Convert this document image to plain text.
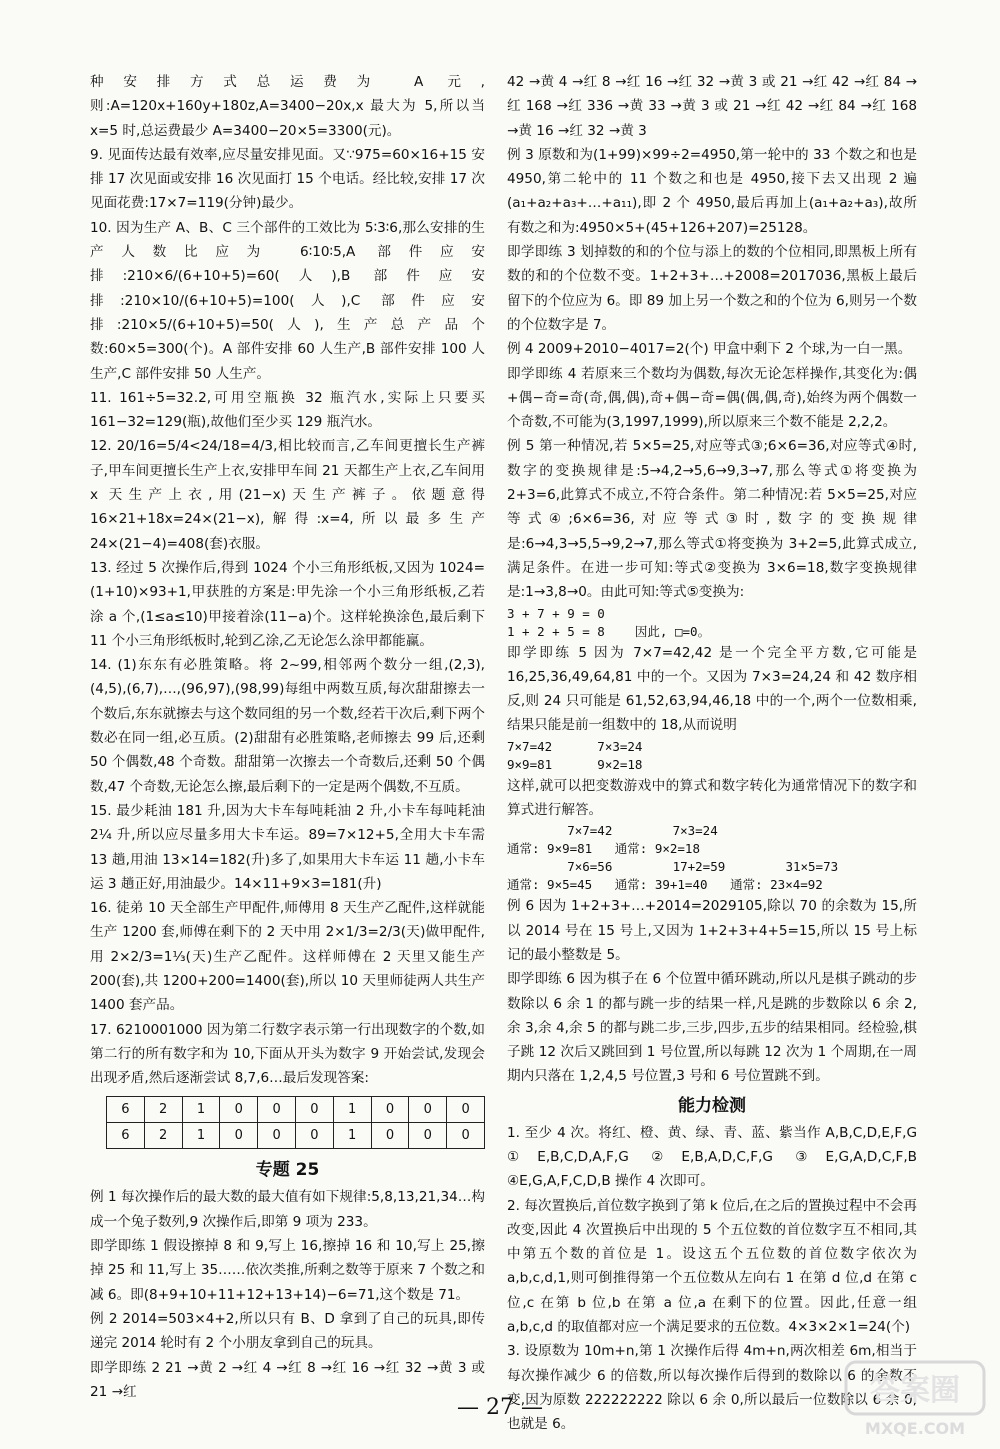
种安排方式总运费为 A 元,则:A=120x+160y+180z,A=3400−20x,x 最大为 5,所以当 x=5 时,总运费最少 A=3400−20×5=3300(元)。

9. 见面传达最有效率,应尽量安排见面。又∵975=60×16+15 安排 17 次见面或安排 16 次见面打 15 个电话。经比较,安排 17 次见面花费:17×7=119(分钟)最少。

10. 因为生产 A、B、C 三个部件的工效比为 5∶3∶6,那么安排的生产人数比应为 6∶10∶5,A 部件应安排:210×6/(6+10+5)=60(人),B 部件应安排:210×10/(6+10+5)=100(人),C 部件应安排:210×5/(6+10+5)=50(人),生产总产品个数:60×5=300(个)。A 部件安排 60 人生产,B 部件安排 100 人生产,C 部件安排 50 人生产。

11. 161÷5=32.2,可用空瓶换 32 瓶汽水,实际上只要买 161−32=129(瓶),故他们至少买 129 瓶汽水。

12. 20/16=5/4<24/18=4/3,相比较而言,乙车间更擅长生产裤子,甲车间更擅长生产上衣,安排甲车间 21 天都生产上衣,乙车间用 x 天生产上衣,用(21−x)天生产裤子。依题意得 16×21+18x=24×(21−x),解得:x=4,所以最多生产 24×(21−4)=408(套)衣服。

13. 经过 5 次操作后,得到 1024 个小三角形纸板,又因为 1024=(1+10)×93+1,甲获胜的方案是:甲先涂一个小三角形纸板,乙若涂 a 个,(1≤a≤10)甲接着涂(11−a)个。这样轮换涂色,最后剩下 11 个小三角形纸板时,轮到乙涂,乙无论怎么涂甲都能赢。

14. (1)东东有必胜策略。将 2~99,相邻两个数分一组,(2,3),(4,5),(6,7),…,(96,97),(98,99)每组中两数互质,每次甜甜擦去一个数后,东东就擦去与这个数同组的另一个数,经若干次后,剩下两个数必在同一组,必互质。(2)甜甜有必胜策略,老师擦去 99 后,还剩 50 个偶数,48 个奇数。甜甜第一次擦去一个奇数后,还剩 50 个偶数,47 个奇数,无论怎么擦,最后剩下的一定是两个偶数,不互质。

15. 最少耗油 181 升,因为大卡车每吨耗油 2 升,小卡车每吨耗油 2¼ 升,所以应尽量多用大卡车运。89=7×12+5,全用大卡车需 13 趟,用油 13×14=182(升)多了,如果用大卡车运 11 趟,小卡车运 3 趟正好,用油最少。14×11+9×3=181(升)

16. 徒弟 10 天全部生产甲配件,师傅用 8 天生产乙配件,这样就能生产 1200 套,师傅在剩下的 2 天中用 2×1/3=2/3(天)做甲配件,用 2×2/3=1⅓(天)生产乙配件。这样师傅在 2 天里又能生产 200(套),共 1200+200=1400(套),所以 10 天里师徒两人共生产 1400 套产品。

17. 6210001000 因为第二行数字表示第一行出现数字的个数,如第二行的所有数字和为 10,下面从开头为数字 9 开始尝试,发现会出现矛盾,然后逐渐尝试 8,7,6…最后发现答案:

6	2	1	0	0	0	1	0	0	0
6	2	1	0	0	0	1	0	0	0
专题 25

例 1 每次操作后的最大数的最大值有如下规律:5,8,13,21,34…构成一个兔子数列,9 次操作后,即第 9 项为 233。

即学即练 1 假设擦掉 8 和 9,写上 16,擦掉 16 和 10,写上 25,擦掉 25 和 11,写上 35……依次类推,所剩之数等于原来 7 个数之和减 6。即(8+9+10+11+12+13+14)−6=71,这个数是 71。

例 2 2014=503×4+2,所以只有 B、D 拿到了自己的玩具,即传递完 2014 轮时有 2 个小朋友拿到自己的玩具。

即学即练 2 21 →黄 2 →红 4 →红 8 →红 16 →红 32 →黄 3 或 21 →红

42 →黄 4 →红 8 →红 16 →红 32 →黄 3 或 21 →红 42 →红 84 →红 168 →红 336 →黄 33 →黄 3 或 21 →红 42 →红 84 →红 168 →黄 16 →红 32 →黄 3

例 3 原数和为(1+99)×99÷2=4950,第一轮中的 33 个数之和也是 4950,第二轮中的 11 个数之和也是 4950,接下去又出现 2 遍(a₁+a₂+a₃+…+a₁₁),即 2 个 4950,最后再加上(a₁+a₂+a₃),故所有数之和为:4950×5+(45+126+207)=25128。

即学即练 3 划掉数的和的个位与添上的数的个位相同,即黑板上所有数的和的个位数不变。1+2+3+…+2008=2017036,黑板上最后留下的个位应为 6。即 89 加上另一个数之和的个位为 6,则另一个数的个位数字是 7。

例 4 2009+2010−4017=2(个) 甲盒中剩下 2 个球,为一白一黑。

即学即练 4 若原来三个数均为偶数,每次无论怎样操作,其变化为:偶+偶−奇=奇(奇,偶,偶),奇+偶−奇=偶(偶,偶,奇),始终为两个偶数一个奇数,不可能为(3,1997,1999),所以原来三个数不能是 2,2,2。

例 5 第一种情况,若 5×5=25,对应等式③;6×6=36,对应等式④时,数字的变换规律是:5→4,2→5,6→9,3→7,那么等式①将变换为 2+3=6,此算式不成立,不符合条件。第二种情况:若 5×5=25,对应等式④;6×6=36,对应等式③时,数字的变换规律是:6→4,3→5,5→9,2→7,那么等式①将变换为 3+2=5,此算式成立,满足条件。在进一步可知:等式②变换为 3×6=18,数字变换规律是:1→3,8→0。由此可知:等式⑤变换为:

3 + 7 + 9 = 0

1 + 2 + 5 = 8    因此, □=0。

即学即练 5 因为 7×7=42,42 是一个完全平方数,它可能是 16,25,36,49,64,81 中的一个。又因为 7×3=24,24 和 42 数序相反,则 24 只可能是 61,52,63,94,46,18 中的一个,两个一位数相乘,结果只能是前一组数中的 18,从而说明

7×7=42      7×3=24
9×9=81      9×2=18

这样,就可以把变数游戏中的算式和数字转化为通常情况下的数字和算式进行解答。

7×7=42        7×3=24
通常: 9×9=81   通常: 9×2=18
7×6=56        17+2=59        31×5=73
通常: 9×5=45   通常: 39+1=40   通常: 23×4=92

例 6 因为 1+2+3+…+2014=2029105,除以 70 的余数为 15,所以 2014 号在 15 号上,又因为 1+2+3+4+5=15,所以 15 号上标记的最小整数是 5。

即学即练 6 因为棋子在 6 个位置中循环跳动,所以凡是棋子跳动的步数除以 6 余 1 的都与跳一步的结果一样,凡是跳的步数除以 6 余 2,余 3,余 4,余 5 的都与跳二步,三步,四步,五步的结果相同。经检验,棋子跳 12 次后又跳回到 1 号位置,所以每跳 12 次为 1 个周期,在一周期内只落在 1,2,4,5 号位置,3 号和 6 号位置跳不到。

能力检测

1. 至少 4 次。将红、橙、黄、绿、青、蓝、紫当作 A,B,C,D,E,F,G ①E,B,C,D,A,F,G ②E,B,A,D,C,F,G ③E,G,A,D,C,F,B ④E,G,A,F,C,D,B 操作 4 次即可。

2. 每次置换后,首位数字换到了第 k 位后,在之后的置换过程中不会再改变,因此 4 次置换后中出现的 5 个五位数的首位数字互不相同,其中第五个数的首位是 1。设这五个五位数的首位数字依次为 a,b,c,d,1,则可倒推得第一个五位数从左向右 1 在第 d 位,d 在第 c 位,c 在第 b 位,b 在第 a 位,a 在剩下的位置。因此,任意一组 a,b,c,d 的取值都对应一个满足要求的五位数。4×3×2×1=24(个)

3. 设原数为 10m+n,第 1 次操作后得 4m+n,两次相差 6m,相当于每次操作减少 6 的倍数,所以每次操作后得到的数除以 6 的余数不变,因为原数 222222222 除以 6 余 0,所以最后一位数除以 6 余 0,也就是 6。

— 27 —	答案圈
MXQE.COM
